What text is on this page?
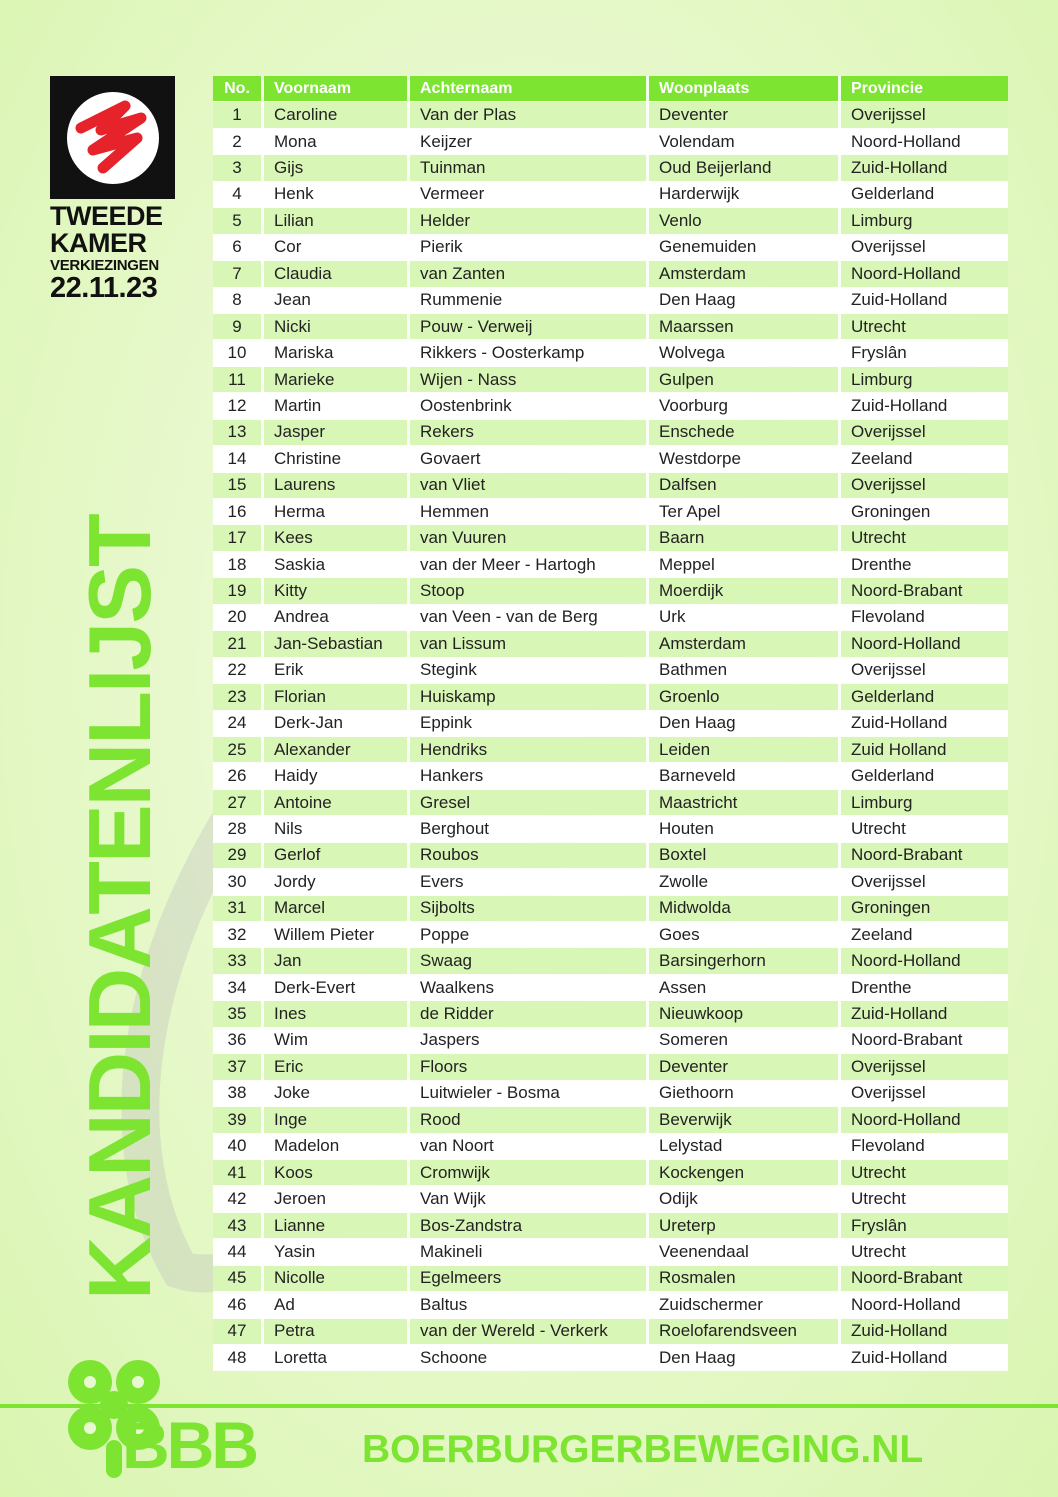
TWEEDE
KAMER
VERKIEZINGEN
22.11.23
KANDIDATENLIJST
No.	Voornaam	Achternaam	Woonplaats	Provincie
1	Caroline	Van der Plas	Deventer	Overijssel
2	Mona	Keijzer	Volendam	Noord-Holland
3	Gijs	Tuinman	Oud Beijerland	Zuid-Holland
4	Henk	Vermeer	Harderwijk	Gelderland
5	Lilian	Helder	Venlo	Limburg
6	Cor	Pierik	Genemuiden	Overijssel
7	Claudia	van Zanten	Amsterdam	Noord-Holland
8	Jean	Rummenie	Den Haag	Zuid-Holland
9	Nicki	Pouw - Verweij	Maarssen	Utrecht
10	Mariska	Rikkers - Oosterkamp	Wolvega	Fryslân
11	Marieke	Wijen - Nass	Gulpen	Limburg
12	Martin	Oostenbrink	Voorburg	Zuid-Holland
13	Jasper	Rekers	Enschede	Overijssel
14	Christine	Govaert	Westdorpe	Zeeland
15	Laurens	van Vliet	Dalfsen	Overijssel
16	Herma	Hemmen	Ter Apel	Groningen
17	Kees	van Vuuren	Baarn	Utrecht
18	Saskia	van der Meer - Hartogh	Meppel	Drenthe
19	Kitty	Stoop	Moerdijk	Noord-Brabant
20	Andrea	van Veen - van de Berg	Urk	Flevoland
21	Jan-Sebastian	van Lissum	Amsterdam	Noord-Holland
22	Erik	Stegink	Bathmen	Overijssel
23	Florian	Huiskamp	Groenlo	Gelderland
24	Derk-Jan	Eppink	Den Haag	Zuid-Holland
25	Alexander	Hendriks	Leiden	Zuid Holland
26	Haidy	Hankers	Barneveld	Gelderland
27	Antoine	Gresel	Maastricht	Limburg
28	Nils	Berghout	Houten	Utrecht
29	Gerlof	Roubos	Boxtel	Noord-Brabant
30	Jordy	Evers	Zwolle	Overijssel
31	Marcel	Sijbolts	Midwolda	Groningen
32	Willem Pieter	Poppe	Goes	Zeeland
33	Jan	Swaag	Barsingerhorn	Noord-Holland
34	Derk-Evert	Waalkens	Assen	Drenthe
35	Ines	de Ridder	Nieuwkoop	Zuid-Holland
36	Wim	Jaspers	Someren	Noord-Brabant
37	Eric	Floors	Deventer	Overijssel
38	Joke	Luitwieler - Bosma	Giethoorn	Overijssel
39	Inge	Rood	Beverwijk	Noord-Holland
40	Madelon	van Noort	Lelystad	Flevoland
41	Koos	Cromwijk	Kockengen	Utrecht
42	Jeroen	Van Wijk	Odijk	Utrecht
43	Lianne	Bos-Zandstra	Ureterp	Fryslân
44	Yasin	Makineli	Veenendaal	Utrecht
45	Nicolle	Egelmeers	Rosmalen	Noord-Brabant
46	Ad	Baltus	Zuidschermer	Noord-Holland
47	Petra	van der Wereld - Verkerk	Roelofarendsveen	Zuid-Holland
48	Loretta	Schoone	Den Haag	Zuid-Holland
BBB	BOERBURGERBEWEGING.NL
